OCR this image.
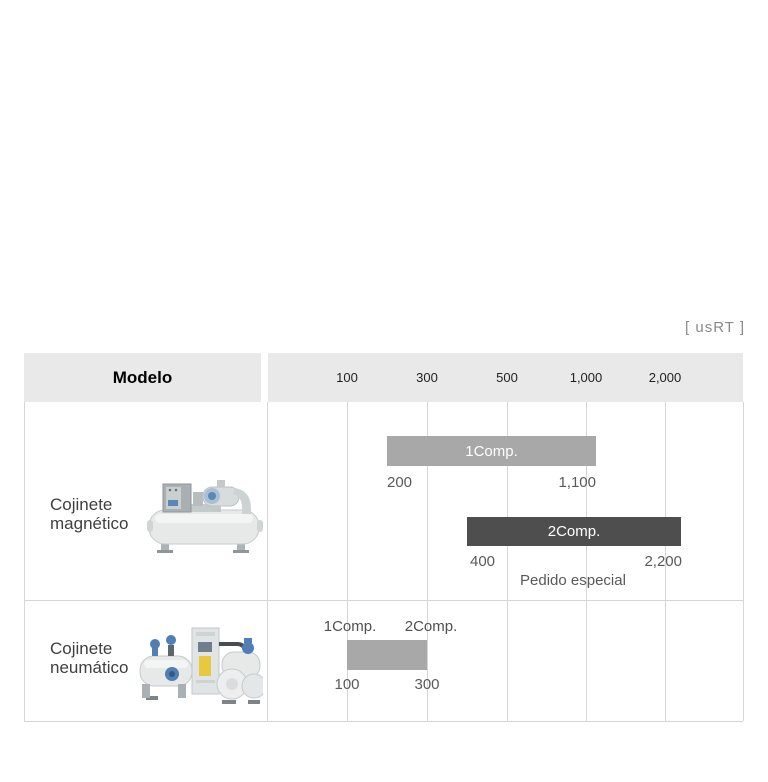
[ usRT ]
Modelo	100	300	500	1,000	2,000
Cojinete
magnético
1Comp.
200	1,100
2Comp.
400	2,200
Pedido especial
Cojinete
neumático
1Comp.	2Comp.
100	300
